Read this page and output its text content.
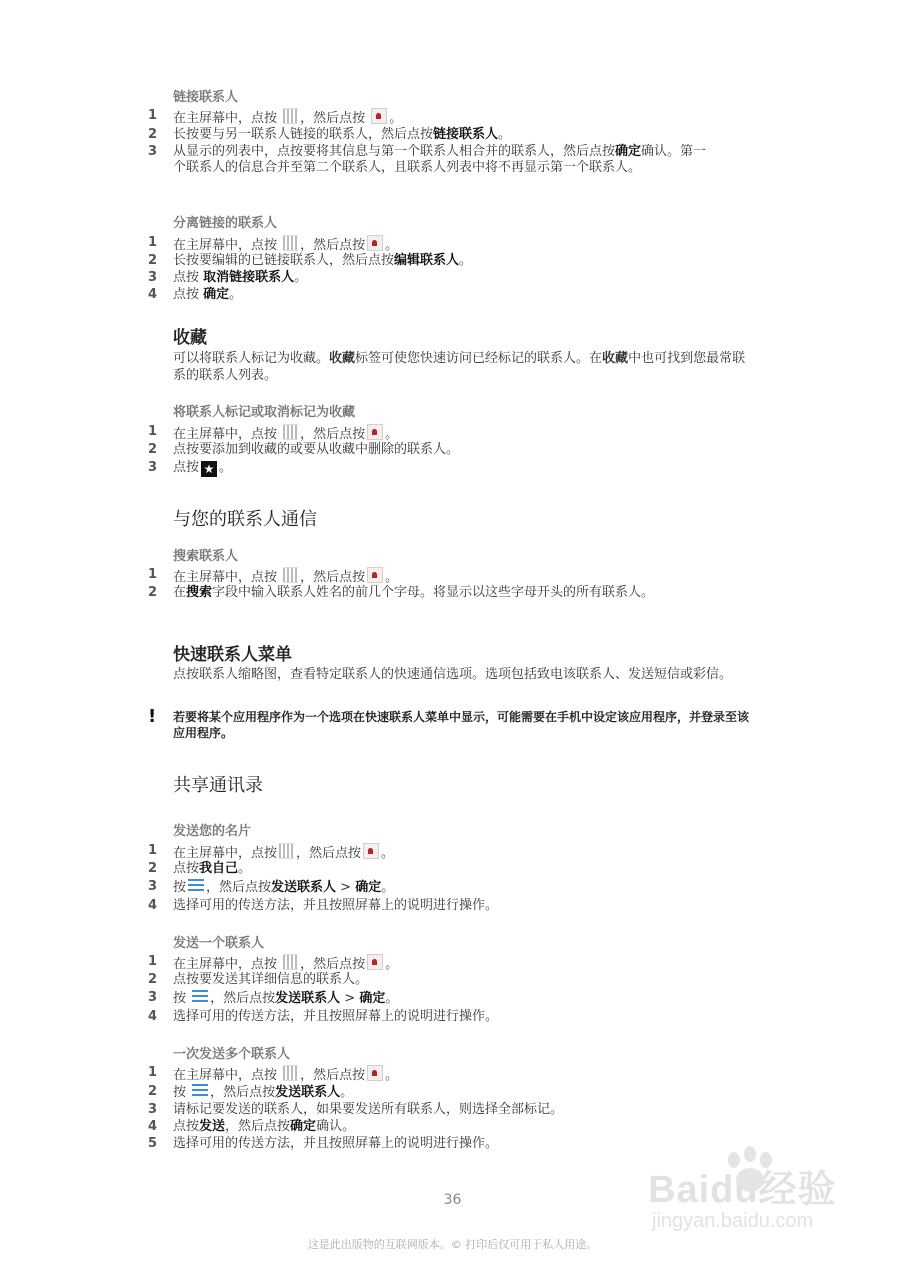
链接联系人
1	在主屏幕中，点按 ，然后点按 。
2	长按要与另一联系人链接的联系人，然后点按链接联系人。
3	从显示的列表中，点按要将其信息与第一个联系人相合并的联系人，然后点按确定确认。第一个联系人的信息合并至第二个联系人，且联系人列表中将不再显示第一个联系人。
分离链接的联系人
1	在主屏幕中，点按 ，然后点按 。
2	长按要编辑的已链接联系人，然后点按编辑联系人。
3	点按 取消链接联系人。
4	点按 确定。
收藏
可以将联系人标记为收藏。收藏标签可使您快速访问已经标记的联系人。在收藏中也可找到您最常联系的联系人列表。
将联系人标记或取消标记为收藏
1	在主屏幕中，点按 ，然后点按 。
2	点按要添加到收藏的或要从收藏中删除的联系人。
3	点按 ★ 。
与您的联系人通信
搜索联系人
1	在主屏幕中，点按 ，然后点按 。
2	在搜索字段中输入联系人姓名的前几个字母。将显示以这些字母开头的所有联系人。
快速联系人菜单
点按联系人缩略图，查看特定联系人的快速通信选项。选项包括致电该联系人、发送短信或彩信。
! 若要将某个应用程序作为一个选项在快速联系人菜单中显示，可能需要在手机中设定该应用程序，并登录至该应用程序。
共享通讯录
发送您的名片
1	在主屏幕中，点按 ，然后点按 。
2	点按我自己。
3	按 ，然后点按发送联系人 > 确定。
4	选择可用的传送方法，并且按照屏幕上的说明进行操作。
发送一个联系人
1	在主屏幕中，点按 ，然后点按 。
2	点按要发送其详细信息的联系人。
3	按 ，然后点按发送联系人 > 确定。
4	选择可用的传送方法，并且按照屏幕上的说明进行操作。
一次发送多个联系人
1	在主屏幕中，点按 ，然后点按 。
2	按 ，然后点按发送联系人。
3	请标记要发送的联系人，如果要发送所有联系人，则选择全部标记。
4	点按发送，然后点按确定确认。
5	选择可用的传送方法，并且按照屏幕上的说明进行操作。
Baidu经验
jingyan.baidu.com
36
这是此出版物的互联网版本。© 打印后仅可用于私人用途。
